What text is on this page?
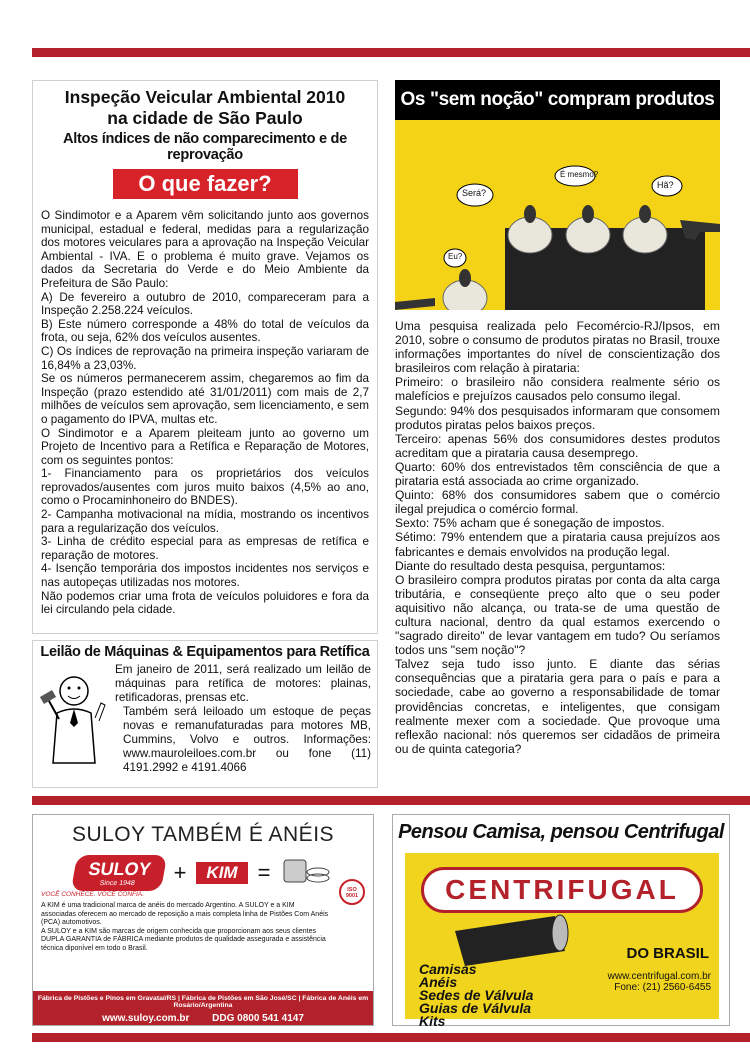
Inspeção Veicular Ambiental 2010
na cidade de São Paulo
Altos índices de não comparecimento e de reprovação
O que fazer?

O Sindimotor e a Aparem vêm solicitando junto aos governos municipal, estadual e federal, medidas para a regularização dos motores veiculares para a aprovação na Inspeção Veicular Ambiental - IVA. E o problema é muito grave. Vejamos os dados da Secretaria do Verde e do Meio Ambiente da Prefeitura de São Paulo:

A) De fevereiro a outubro de 2010, compareceram para a Inspeção 2.258.224 veículos.

B) Este número corresponde a 48% do total de veículos da frota, ou seja, 62% dos veículos ausentes.

C) Os índices de reprovação na primeira inspeção variaram de 16,84% a 23,03%.

Se os números permanecerem assim, chegaremos ao fim da Inspeção (prazo estendido até 31/01/2011) com mais de 2,7 milhões de veículos sem aprovação, sem licenciamento, e sem o pagamento do IPVA, multas etc.

O Sindimotor e a Aparem pleiteam junto ao governo um Projeto de Incentivo para a Retífica e Reparação de Motores, com os seguintes pontos:

1- Financiamento para os proprietários dos veículos reprovados/ausentes com juros muito baixos (4,5% ao ano, como o Procaminhoneiro do BNDES).

2- Campanha motivacional na mídia, mostrando os incentivos para a regularização dos veículos.

3- Linha de crédito especial para as empresas de retífica e reparação de motores.

4- Isenção temporária dos impostos incidentes nos serviços e nas autopeças utilizadas nos motores.

Não podemos criar uma frota de veículos poluidores e fora da lei circulando pela cidade.

Leilão de Máquinas & Equipamentos para Retífica

Em janeiro de 2011, será realizado um leilão de máquinas para retífica de motores: plainas, retificadoras, prensas etc.

Também será leiloado um estoque de peças novas e remanufaturadas para motores MB, Cummins, Volvo e outros. Informações: www.mauroleiloes.com.br ou fone (11) 4191.2992 e 4191.4066

Os "sem noção" compram produtos
É mesmo?
Será?
Hã?
Eu?

Uma pesquisa realizada pelo Fecomércio-RJ/Ipsos, em 2010, sobre o consumo de produtos piratas no Brasil, trouxe informações importantes do nível de conscientização dos brasileiros com relação à pirataria:

Primeiro: o brasileiro não considera realmente sério os malefícios e prejuízos causados pelo consumo ilegal.

Segundo: 94% dos pesquisados informaram que consomem produtos piratas pelos baixos preços.

Terceiro: apenas 56% dos consumidores destes produtos acreditam que a pirataria causa desemprego.

Quarto: 60% dos entrevistados têm consciência de que a pirataria está associada ao crime organizado.

Quinto: 68% dos consumidores sabem que o comércio ilegal prejudica o comércio formal.

Sexto: 75% acham que é sonegação de impostos.

Sétimo: 79% entendem que a pirataria causa prejuízos aos fabricantes e demais envolvidos na produção legal.

Diante do resultado desta pesquisa, perguntamos:

O brasileiro compra produtos piratas por conta da alta carga tributária, e conseqüente preço alto que o seu poder aquisitivo não alcança, ou trata-se de uma questão de cultura nacional, dentro da qual estamos exercendo o "sagrado direito" de levar vantagem em tudo? Ou seríamos todos uns "sem noção"?

Talvez seja tudo isso junto. E diante das sérias consequências que a pirataria gera para o país e para a sociedade, cabe ao governo a responsabilidade de tomar providências concretas, e inteligentes, que consigam realmente mexer com a sociedade. Que provoque uma reflexão nacional: nós queremos ser cidadãos de primeira ou de quinta categoria?

SULOY TAMBÉM É ANÉIS
SULOY
Since 1948	+	KIM =
VOCÊ CONHECE. VOCÊ CONFIA.
ISO 9001

A KIM é uma tradicional marca de anéis do mercado Argentino. A SULOY e a KIM associadas oferecem ao mercado de reposição a mais completa linha de Pistões Com Anéis (PCA) automotivos.

A SULOY e a KIM são marcas de origem conhecida que proporcionam aos seus clientes DUPLA GARANTIA de FÁBRICA mediante produtos de qualidade assegurada e assistência técnica diponível em todo o Brasil.

Fábrica de Pistões e Pinos em Gravataí/RS | Fábrica de Pistões em São José/SC | Fábrica de Anéis em Rosário/Argentina
www.suloy.com.br DDG 0800 541 4147
Pensou Camisa, pensou Centrifugal
CENTRIFUGAL
Camisas
Anéis
Sedes de Válvula
Guias de Válvula
Kits
DO BRASIL
www.centrifugal.com.br
Fone: (21) 2560-6455
